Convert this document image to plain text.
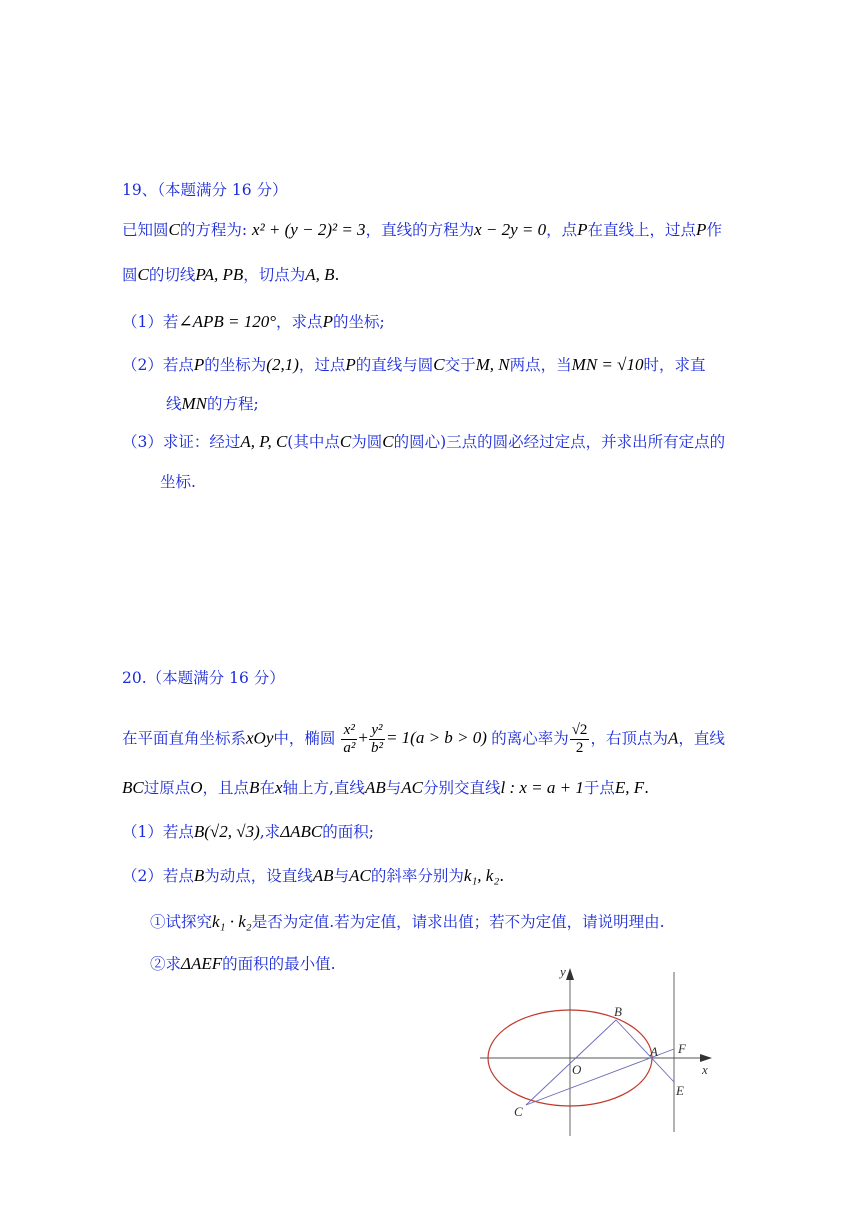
19、（本题满分 16 分）
已知圆C的方程为: x² + (y − 2)² = 3，直线的方程为x − 2y = 0，点P在直线上，过点P作
圆C的切线PA, PB，切点为A, B.
（1）若∠APB = 120°，求点P的坐标;
（2）若点P的坐标为(2,1)，过点P的直线与圆C交于M, N两点，当MN = √10时，求直
线MN的方程;
（3）求证：经过A, P, C(其中点C为圆C的圆心)三点的圆必经过定点，并求出所有定点的
坐标.
20.（本题满分 16 分）
在平面直角坐标系xOy中，椭圆 $\frac{\text{x²}}{\text{a²}} + \frac{\text{y²}}{\text{b²}} = 1(a > b > 0)$ 的离心率为 $\frac{√2}{2}$ ，右顶点为A，直线
BC过原点O，且点B在x轴上方,直线AB与AC分别交直线l : x = a + 1于点E, F.
（1）若点B(√2, √3),求ΔABC的面积;
（2）若点B为动点，设直线AB与AC的斜率分别为k₁, k₂.
①试探究k₁ · k₂是否为定值.若为定值，请求出值；若不为定值，请说明理由.
②求ΔAEF的面积的最小值.	y
x
O
A
B
C
E
F
